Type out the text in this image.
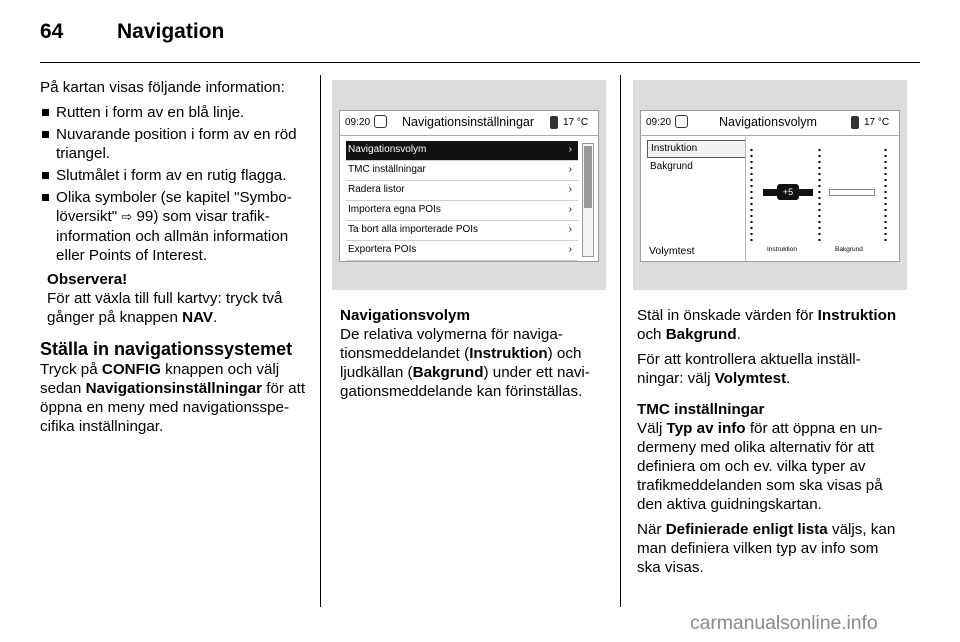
64	Navigation

På kartan visas följande information:

Rutten i form av en blå linje.
Nuvarande position i form av en röd triangel.
Slutmålet i form av en rutig flagga.
Olika symboler (se kapitel "Symbo-löversikt" ⇨ 99) som visar trafik-information och allmän information eller Points of Interest.
Observera!
För att växla till full kartvy: tryck två gånger på knappen NAV.
Ställa in navigationssystemet

Tryck på CONFIG knappen och välj sedan Navigationsinställningar för att öppna en meny med navigationsspe-cifika inställningar.

09:20	Navigationsinställningar	17 °C
Navigationsvolym	›
TMC inställningar	›
Radera listor	›
Importera egna POIs	›
Ta bort alla importerade POIs	›
Exportera POIs	›
Navigationsvolym

De relativa volymerna för naviga-tionsmeddelandet (Instruktion) och ljudkällan (Bakgrund) under ett navi-gationsmeddelande kan förinställas.

09:20	Navigationsvolym	17 °C
Instruktion
Bakgrund
Volymtest
+5
Instruktion	Bakgrund

Stäl in önskade värden för Instruktion och Bakgrund.

För att kontrollera aktuella inställ-ningar: välj Volymtest.

TMC inställningar

Välj Typ av info för att öppna en un-dermeny med olika alternativ för att definiera om och ev. vilka typer av trafikmeddelanden som ska visas på den aktiva guidningskartan.

När Definierade enligt lista väljs, kan man definiera vilken typ av info som ska visas.

carmanualsonline.info
